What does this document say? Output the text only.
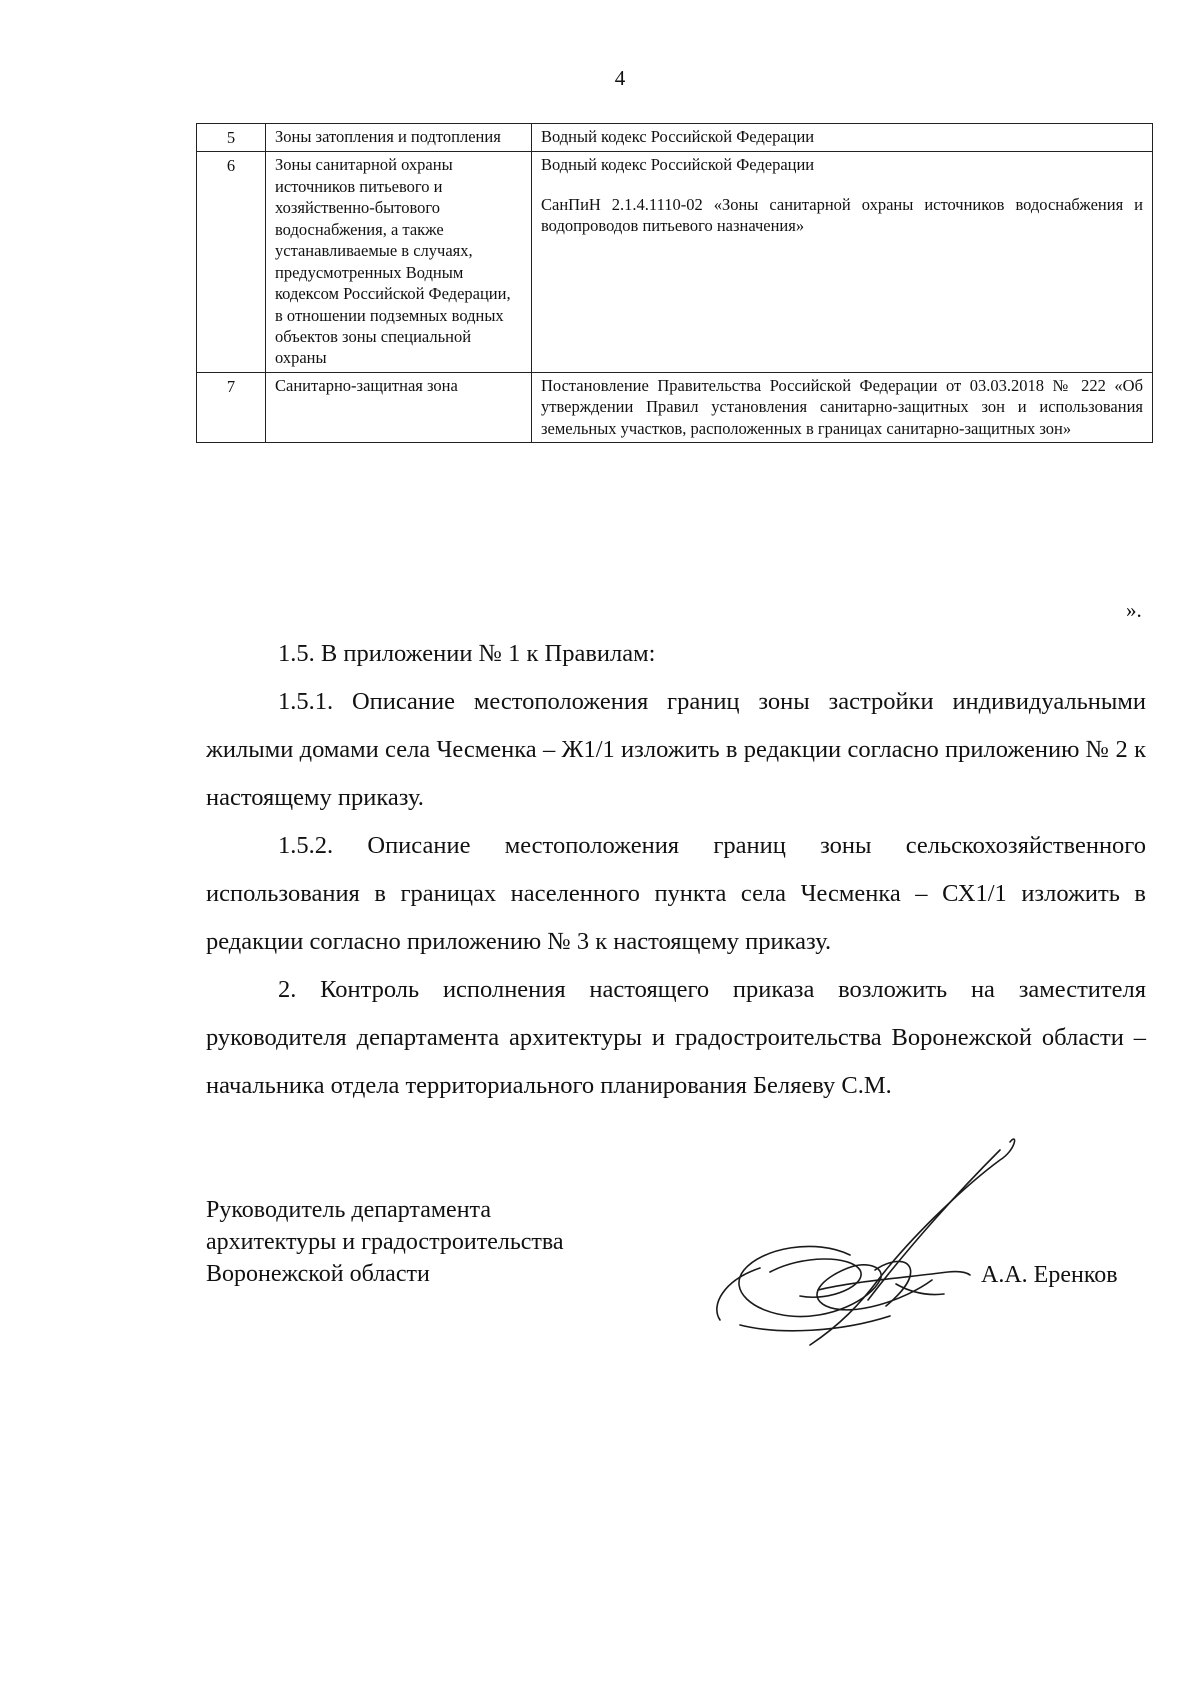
4
5	Зоны затопления и подтопления	Водный кодекс Российской Федерации

6	Зоны санитарной охраны источников питьевого и хозяйственно-бытового водоснабжения, а также устанавливаемые в случаях, предусмотренных Водным кодексом Российской Федерации, в отношении подземных водных объектов зоны специальной охраны	Водный кодекс Российской Федерации
СанПиН 2.1.4.1110-02 «Зоны санитарной охраны источников водоснабжения и водопроводов питьевого назначения»

7	Санитарно-защитная зона	Постановление Правительства Российской Федерации от 03.03.2018 № 222 «Об утверждении Правил установления санитарно-защитных зон и использования земельных участков, расположенных в границах санитарно-защитных зон»
».

1.5. В приложении № 1 к Правилам:

1.5.1. Описание местоположения границ зоны застройки индивидуальными жилыми домами села Чесменка – Ж1/1 изложить в редакции согласно приложению № 2 к настоящему приказу.

1.5.2. Описание местоположения границ зоны сельскохозяйственного использования в границах населенного пункта села Чесменка – СХ1/1 изложить в редакции согласно приложению № 3 к настоящему приказу.

2. Контроль исполнения настоящего приказа возложить на заместителя руководителя департамента архитектуры и градостроительства Воронежской области – начальника отдела территориального планирования Беляеву С.М.

Руководитель департамента
архитектуры и градостроительства
Воронежской области	А.А. Еренков
